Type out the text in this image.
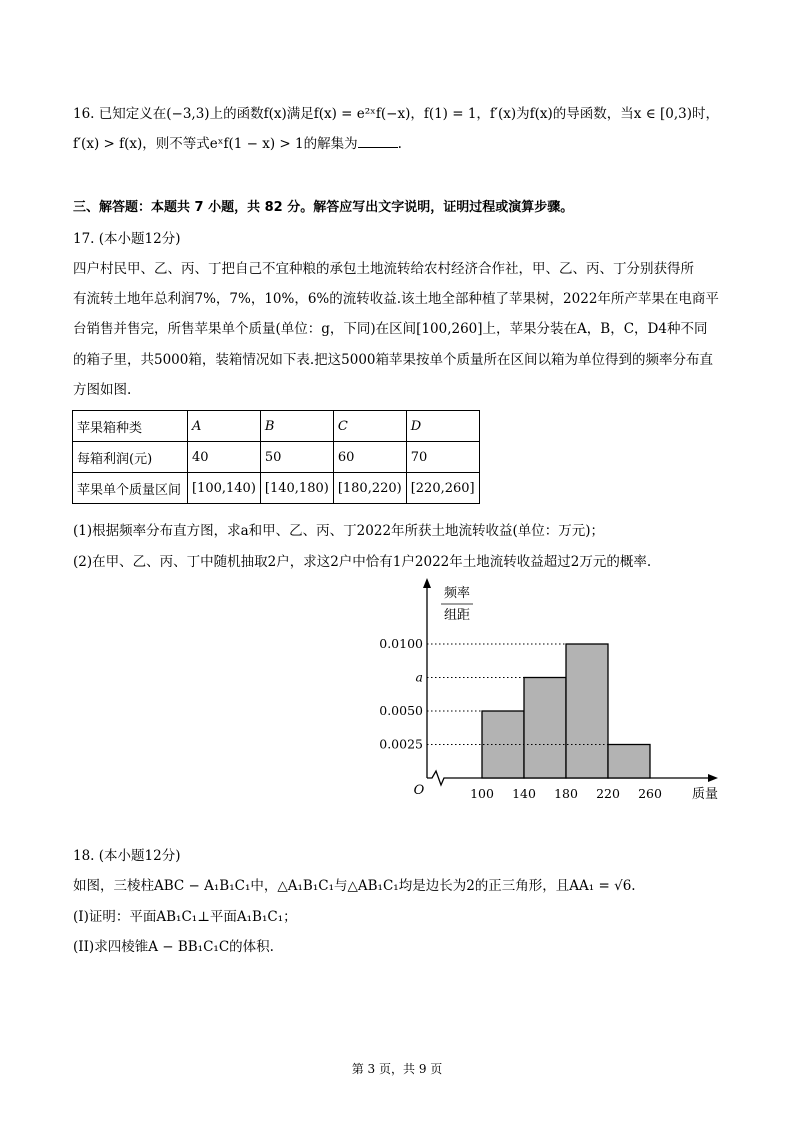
16. 已知定义在(−3,3)上的函数f(x)满足f(x) = e²ˣf(−x)，f(1) = 1，f′(x)为f(x)的导函数，当x ∈ [0,3)时，
f′(x) > f(x)，则不等式eˣf(1 − x) > 1的解集为	.
三、解答题：本题共 7 小题，共 82 分。解答应写出文字说明，证明过程或演算步骤。
17. (本小题12分)
四户村民甲、乙、丙、丁把自己不宜种粮的承包土地流转给农村经济合作社，甲、乙、丙、丁分别获得所
有流转土地年总利润7%，7%，10%，6%的流转收益.该土地全部种植了苹果树，2022年所产苹果在电商平
台销售并售完，所售苹果单个质量(单位：g，下同)在区间[100,260]上，苹果分装在A，B，C，D4种不同
的箱子里，共5000箱，装箱情况如下表.把这5000箱苹果按单个质量所在区间以箱为单位得到的频率分布直
方图如图.
苹果箱种类	A	B	C	D
每箱利润(元)	40	50	60	70
苹果单个质量区间	[100,140)	[140,180)	[180,220)	[220,260]
(1)根据频率分布直方图，求a和甲、乙、丙、丁2022年所获土地流转收益(单位：万元)；
(2)在甲、乙、丙、丁中随机抽取2户，求这2户中恰有1户2022年土地流转收益超过2万元的概率.
频率
组距
0.0025
0.0050
a
0.0100
100 140 180 220 260
O	质量
18. (本小题12分)
如图，三棱柱ABC − A₁B₁C₁中，△A₁B₁C₁与△AB₁C₁均是边长为2的正三角形，且AA₁ = √6.
(I)证明：平面AB₁C₁⊥平面A₁B₁C₁；
(II)求四棱锥A − BB₁C₁C的体积.
第 3 页，共 9 页
